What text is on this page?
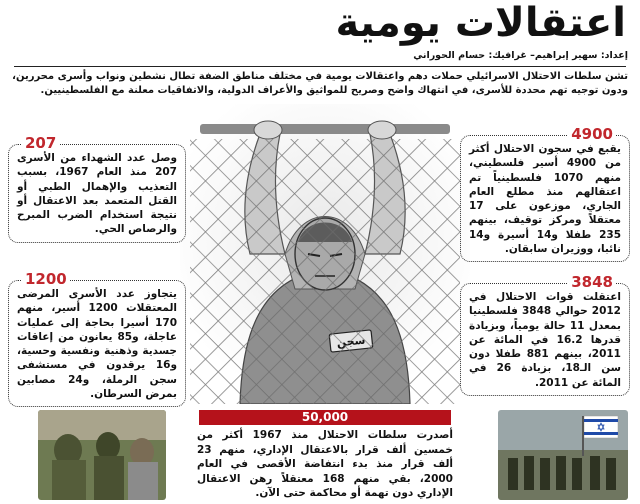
اعتقالات يومية
إعداد: سهير إبراهيم– غرافيك: حسام الحوراني
تشن سلطات الاحتلال الاسرائيلي حملات دهم واعتقالات يومية في مختلف مناطق الضفة تطال نشطين ونواب وأسرى محررين، ودون توجيه تهم محددة للأسرى، في انتهاك واضح وصريح للمواثيق والأعراف الدولية، والاتفاقيات معلنة مع الفلسطينيين.
يقبع في سجون الاحتلال أكثر من 4900 أسير فلسطيني، منهم 1070 فلسطينياً تم اعتقالهم منذ مطلع العام الجاري، موزعون على 17 معتقلاً ومركز توقيف، بينهم 235 طفلا و14 أسيرة و14 نائبا، ووزيران سابقان.
4900
وصل عدد الشهداء من الأسرى 207 منذ العام 1967، بسبب التعذيب والإهمال الطبي أو القتل المتعمد بعد الاعتقال أو نتيجة استخدام الضرب المبرح والرصاص الحي.
207
اعتقلت قوات الاحتلال في 2012 حوالي 3848 فلسطينيا بمعدل 11 حالة يومياً، وبزيادة قدرها 16.2 في المائة عن 2011، بينهم 881 طفلا دون سن الـ18، بزيادة 26 في المائة عن 2011.
3848
يتجاوز عدد الأسرى المرضى المعتقلات 1200 أسير، منهم 170 أسيرا بحاجة إلى عمليات عاجلة، و85 يعانون من إعاقات جسدية وذهنية ونفسية وحسية، و16 يرقدون في مستشفى سجن الرملة، و24 مصابين بمرض السرطان.
1200
50,000
أصدرت سلطات الاحتلال منذ 1967 أكثر من خمسين ألف قرار بالاعتقال الإداري، منهم 23 ألف قرار منذ بدء انتفاضة الأقصى في العام 2000، بقي منهم 168 معتقلاً رهن الاعتقال الإداري دون تهمة أو محاكمة حتى الآن.
